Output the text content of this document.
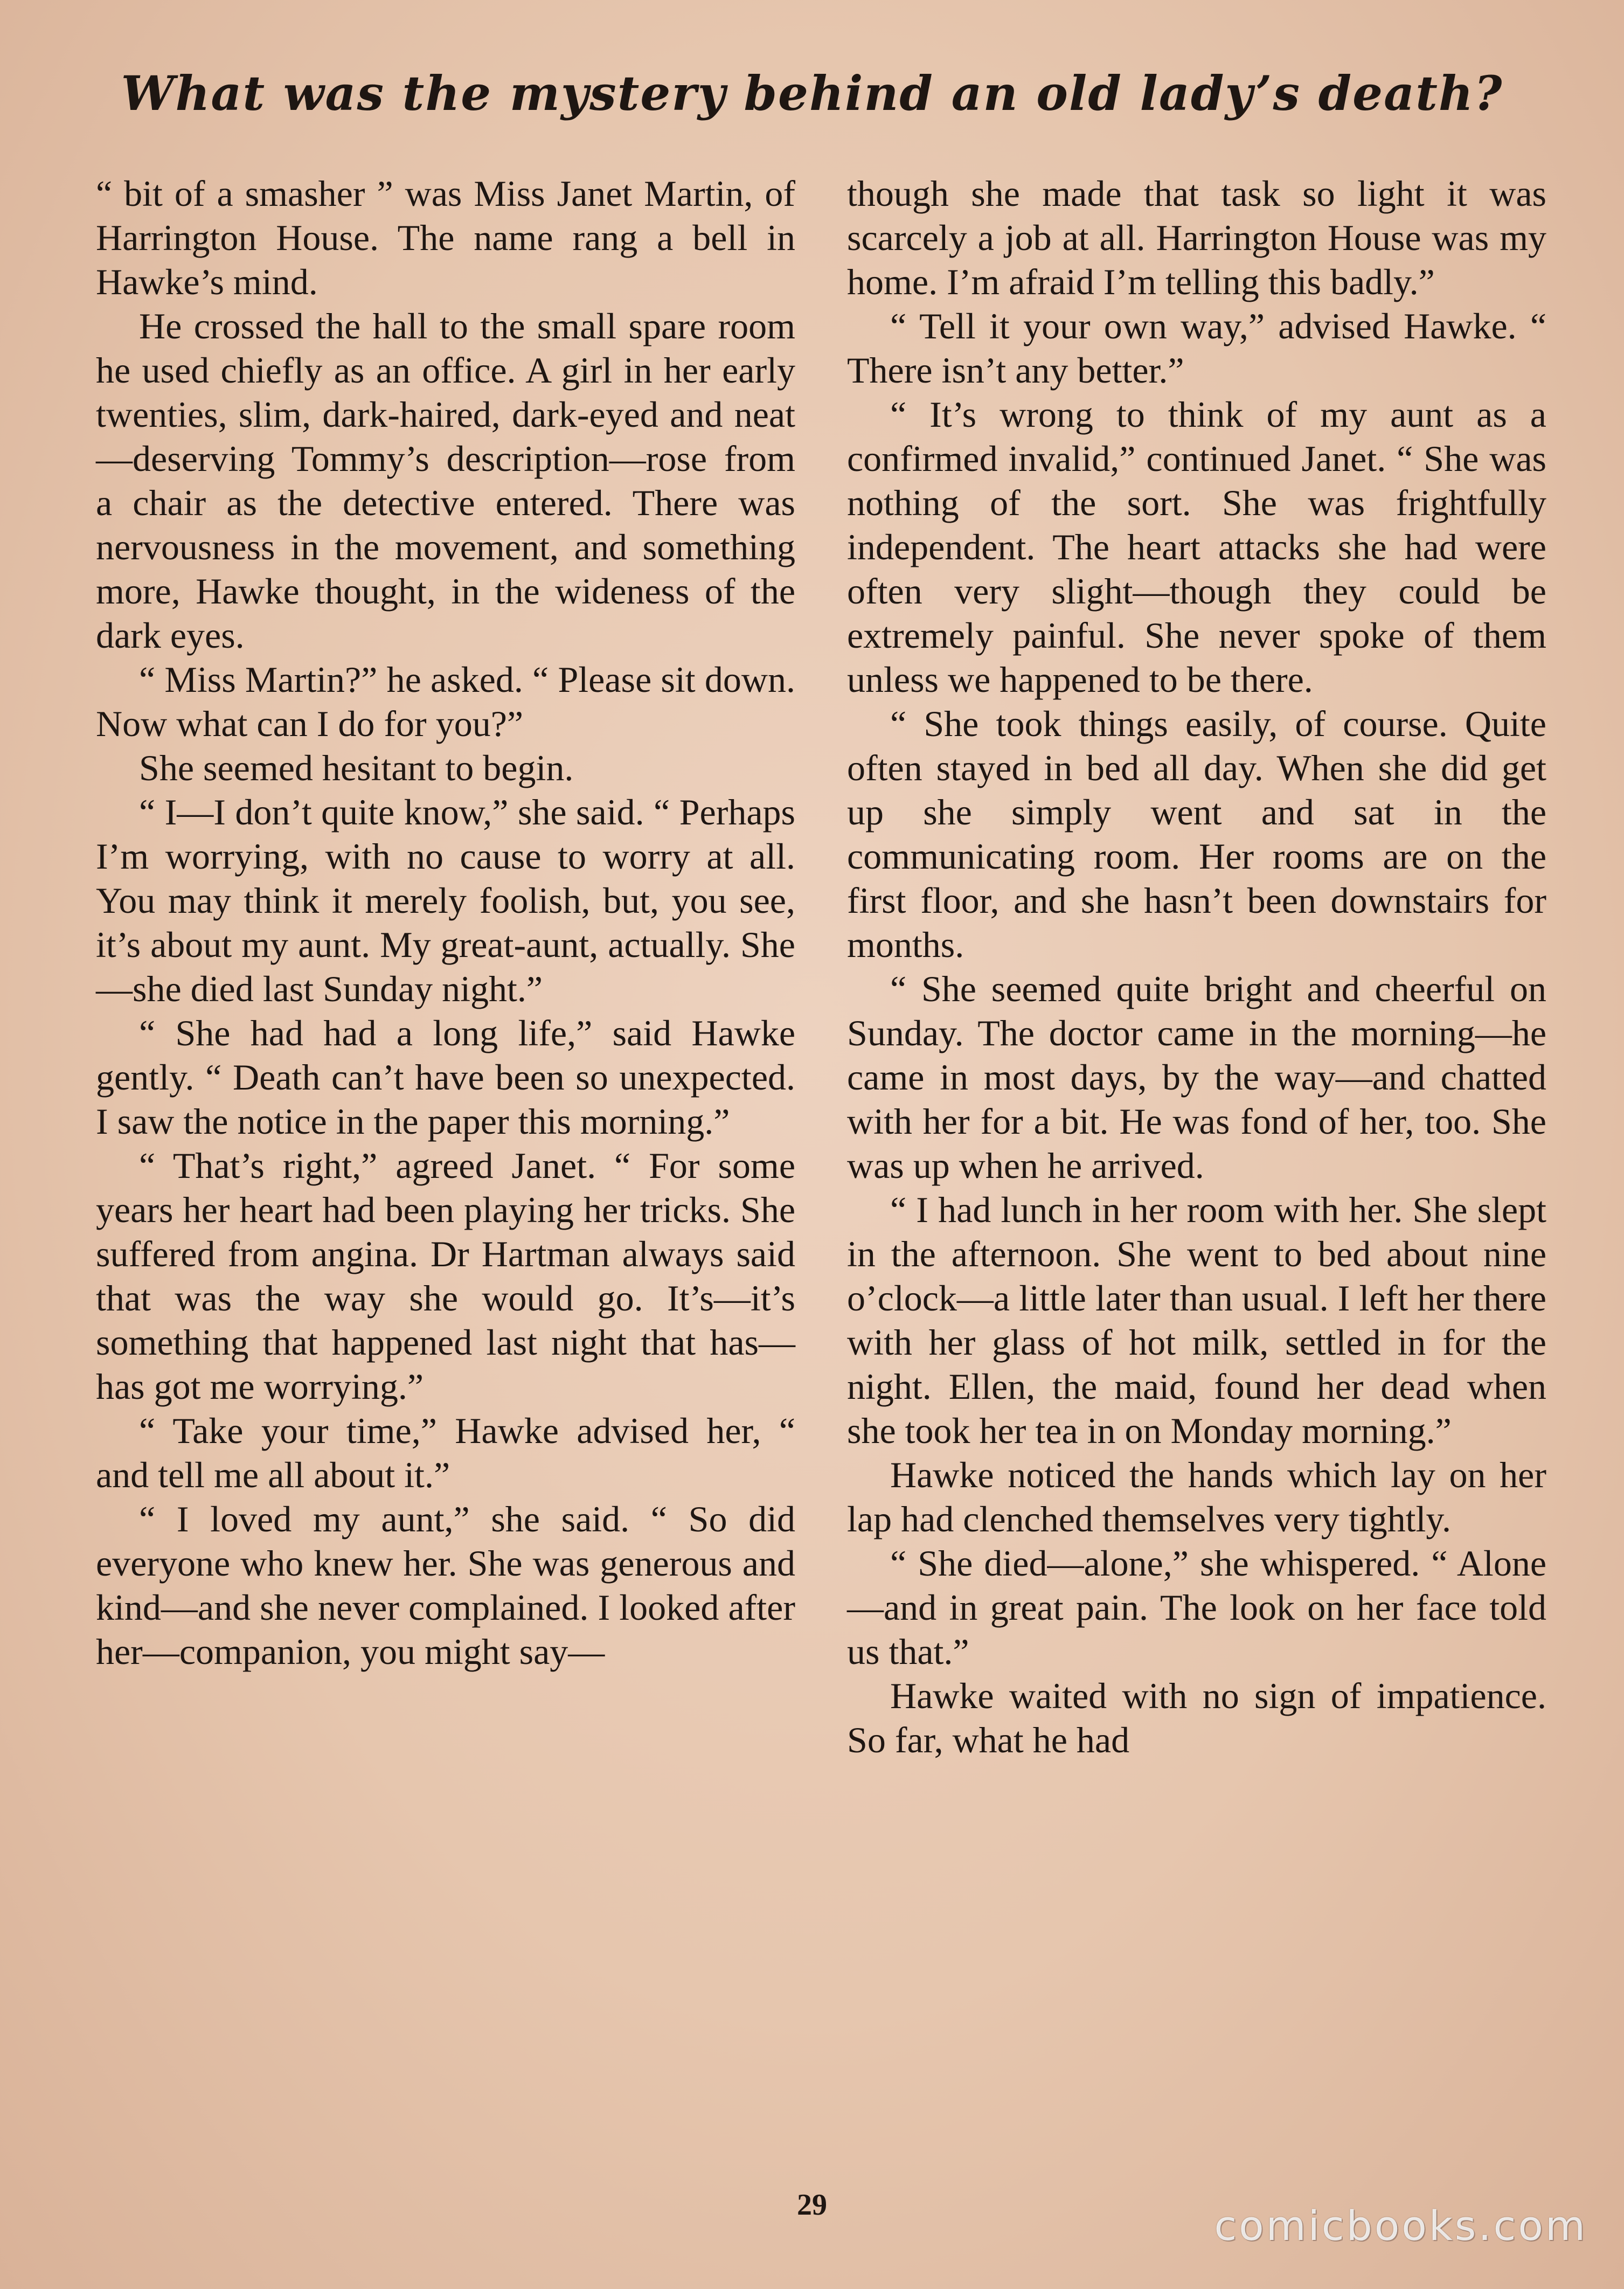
What was the mystery behind an old lady’s death?

“ bit of a smasher ” was Miss Janet Martin, of Harrington House. The name rang a bell in Hawke’s mind.

He crossed the hall to the small spare room he used chiefly as an office. A girl in her early twenties, slim, dark-haired, dark-eyed and neat—deserving Tommy’s description—rose from a chair as the detective entered. There was nervousness in the movement, and something more, Hawke thought, in the wideness of the dark eyes.

“ Miss Martin?” he asked. “ Please sit down. Now what can I do for you?”

She seemed hesitant to begin.

“ I—I don’t quite know,” she said. “ Perhaps I’m worrying, with no cause to worry at all. You may think it merely foolish, but, you see, it’s about my aunt. My great-aunt, actually. She—she died last Sunday night.”

“ She had had a long life,” said Hawke gently. “ Death can’t have been so unexpected. I saw the notice in the paper this morning.”

“ That’s right,” agreed Janet. “ For some years her heart had been playing her tricks. She suffered from angina. Dr Hartman always said that was the way she would go. It’s—it’s something that happened last night that has—has got me worrying.”

“ Take your time,” Hawke advised her, “ and tell me all about it.”

“ I loved my aunt,” she said. “ So did everyone who knew her. She was generous and kind—and she never complained. I looked after her—companion, you might say—

though she made that task so light it was scarcely a job at all. Harrington House was my home. I’m afraid I’m telling this badly.”

“ Tell it your own way,” advised Hawke. “ There isn’t any better.”

“ It’s wrong to think of my aunt as a confirmed invalid,” continued Janet. “ She was nothing of the sort. She was frightfully independent. The heart attacks she had were often very slight—though they could be extremely painful. She never spoke of them unless we happened to be there.

“ She took things easily, of course. Quite often stayed in bed all day. When she did get up she simply went and sat in the communicating room. Her rooms are on the first floor, and she hasn’t been downstairs for months.

“ She seemed quite bright and cheerful on Sunday. The doctor came in the morning—he came in most days, by the way—and chatted with her for a bit. He was fond of her, too. She was up when he arrived.

“ I had lunch in her room with her. She slept in the afternoon. She went to bed about nine o’clock—a little later than usual. I left her there with her glass of hot milk, settled in for the night. Ellen, the maid, found her dead when she took her tea in on Monday morning.”

Hawke noticed the hands which lay on her lap had clenched themselves very tightly.

“ She died—alone,” she whispered. “ Alone—and in great pain. The look on her face told us that.”

Hawke waited with no sign of impatience. So far, what he had

29	comicbooks.com
